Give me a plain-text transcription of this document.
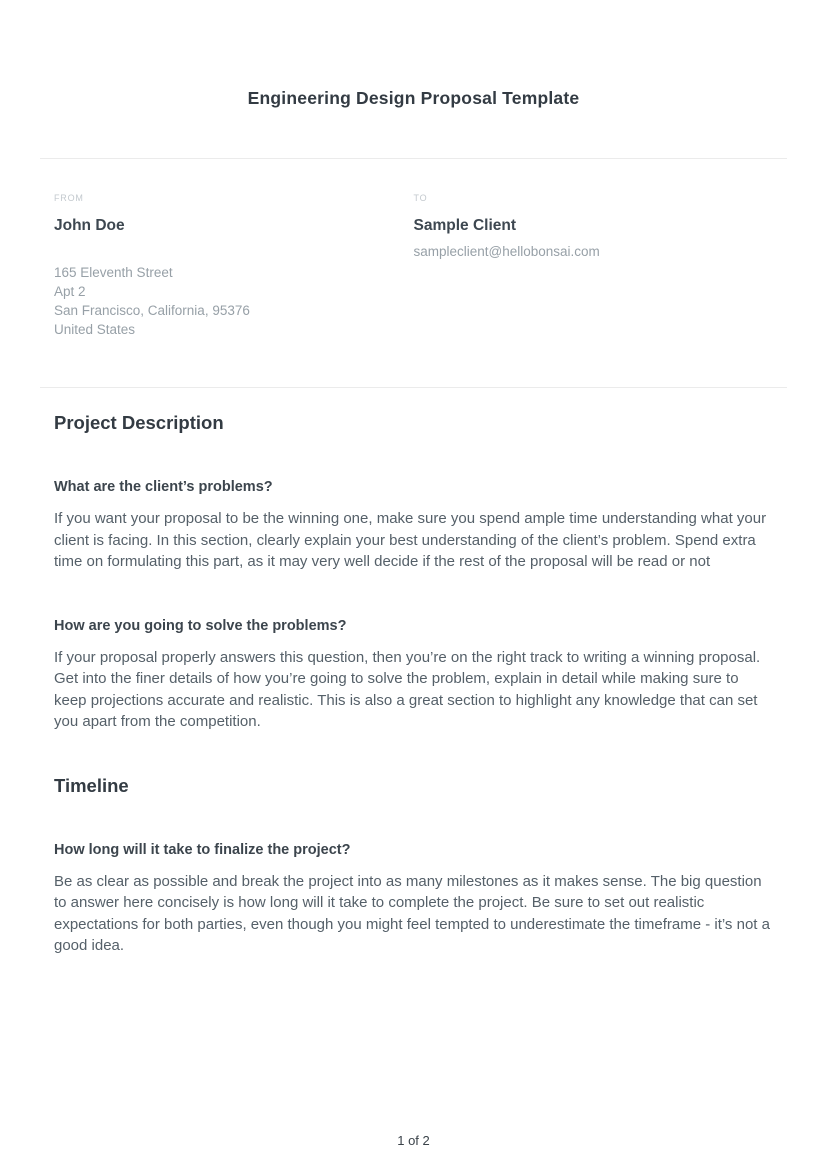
Engineering Design Proposal Template
FROM
John Doe
165 Eleventh Street
Apt 2
San Francisco, California, 95376
United States
TO
Sample Client
sampleclient@hellobonsai.com
Project Description
What are the client’s problems?
If you want your proposal to be the winning one, make sure you spend ample time understanding what your client is facing. In this section, clearly explain your best understanding of the client’s problem. Spend extra time on formulating this part, as it may very well decide if the rest of the proposal will be read or not
How are you going to solve the problems?
If your proposal properly answers this question, then you’re on the right track to writing a winning proposal. Get into the finer details of how you’re going to solve the problem, explain in detail while making sure to keep projections accurate and realistic. This is also a great section to highlight any knowledge that can set you apart from the competition.
Timeline
How long will it take to finalize the project?
Be as clear as possible and break the project into as many milestones as it makes sense. The big question to answer here concisely is how long will it take to complete the project. Be sure to set out realistic expectations for both parties, even though you might feel tempted to underestimate the timeframe - it’s not a good idea.
1 of 2
